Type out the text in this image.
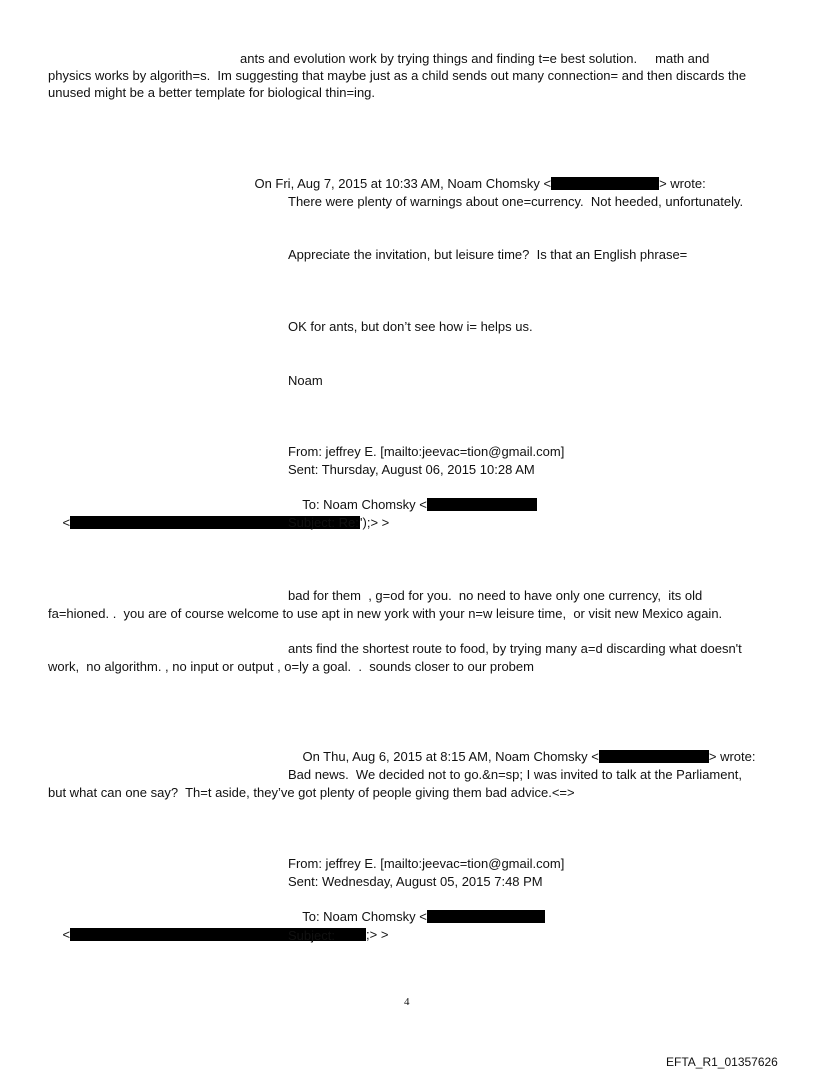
ants and evolution work by trying things and finding t=e best solution.     math and
physics works by algorith=s.  Im suggesting that maybe just as a child sends out many connection= and then discards the
unused might be a better template for biological thin=ing.

On Fri, Aug 7, 2015 at 10:33 AM, Noam Chomsky <	> wrote:

There were plenty of warnings about one=currency.  Not heeded, unfortunately.
Appreciate the invitation, but leisure time?  Is that an English phrase=
OK for ants, but don’t see how i= helps us.
Noam
From: jeffrey E. [mailto:jeevac=tion@gmail.com]
Sent: Thursday, August 06, 2015 10:28 AM

To: Noam Chomsky <

<	');> >

Subject: Re:
bad for them  , g=od for you.  no need to have only one currency,  its old
fa=hioned. .  you are of course welcome to use apt in new york with your n=w leisure time,  or visit new Mexico again.
ants find the shortest route to food, by trying many a=d discarding what doesn't
work,  no algorithm. , no input or output , o=ly a goal.  .  sounds closer to our probem

On Thu, Aug 6, 2015 at 8:15 AM, Noam Chomsky <	> wrote:

Bad news.  We decided not to go.&n=sp; I was invited to talk at the Parliament,
but what can one say?  Th=t aside, they’ve got plenty of people giving them bad advice.<=>
From: jeffrey E. [mailto:jeevac=tion@gmail.com]
Sent: Wednesday, August 05, 2015 7:48 PM

To: Noam Chomsky <

<	;> >

Subject:
4
EFTA_R1_01357626
